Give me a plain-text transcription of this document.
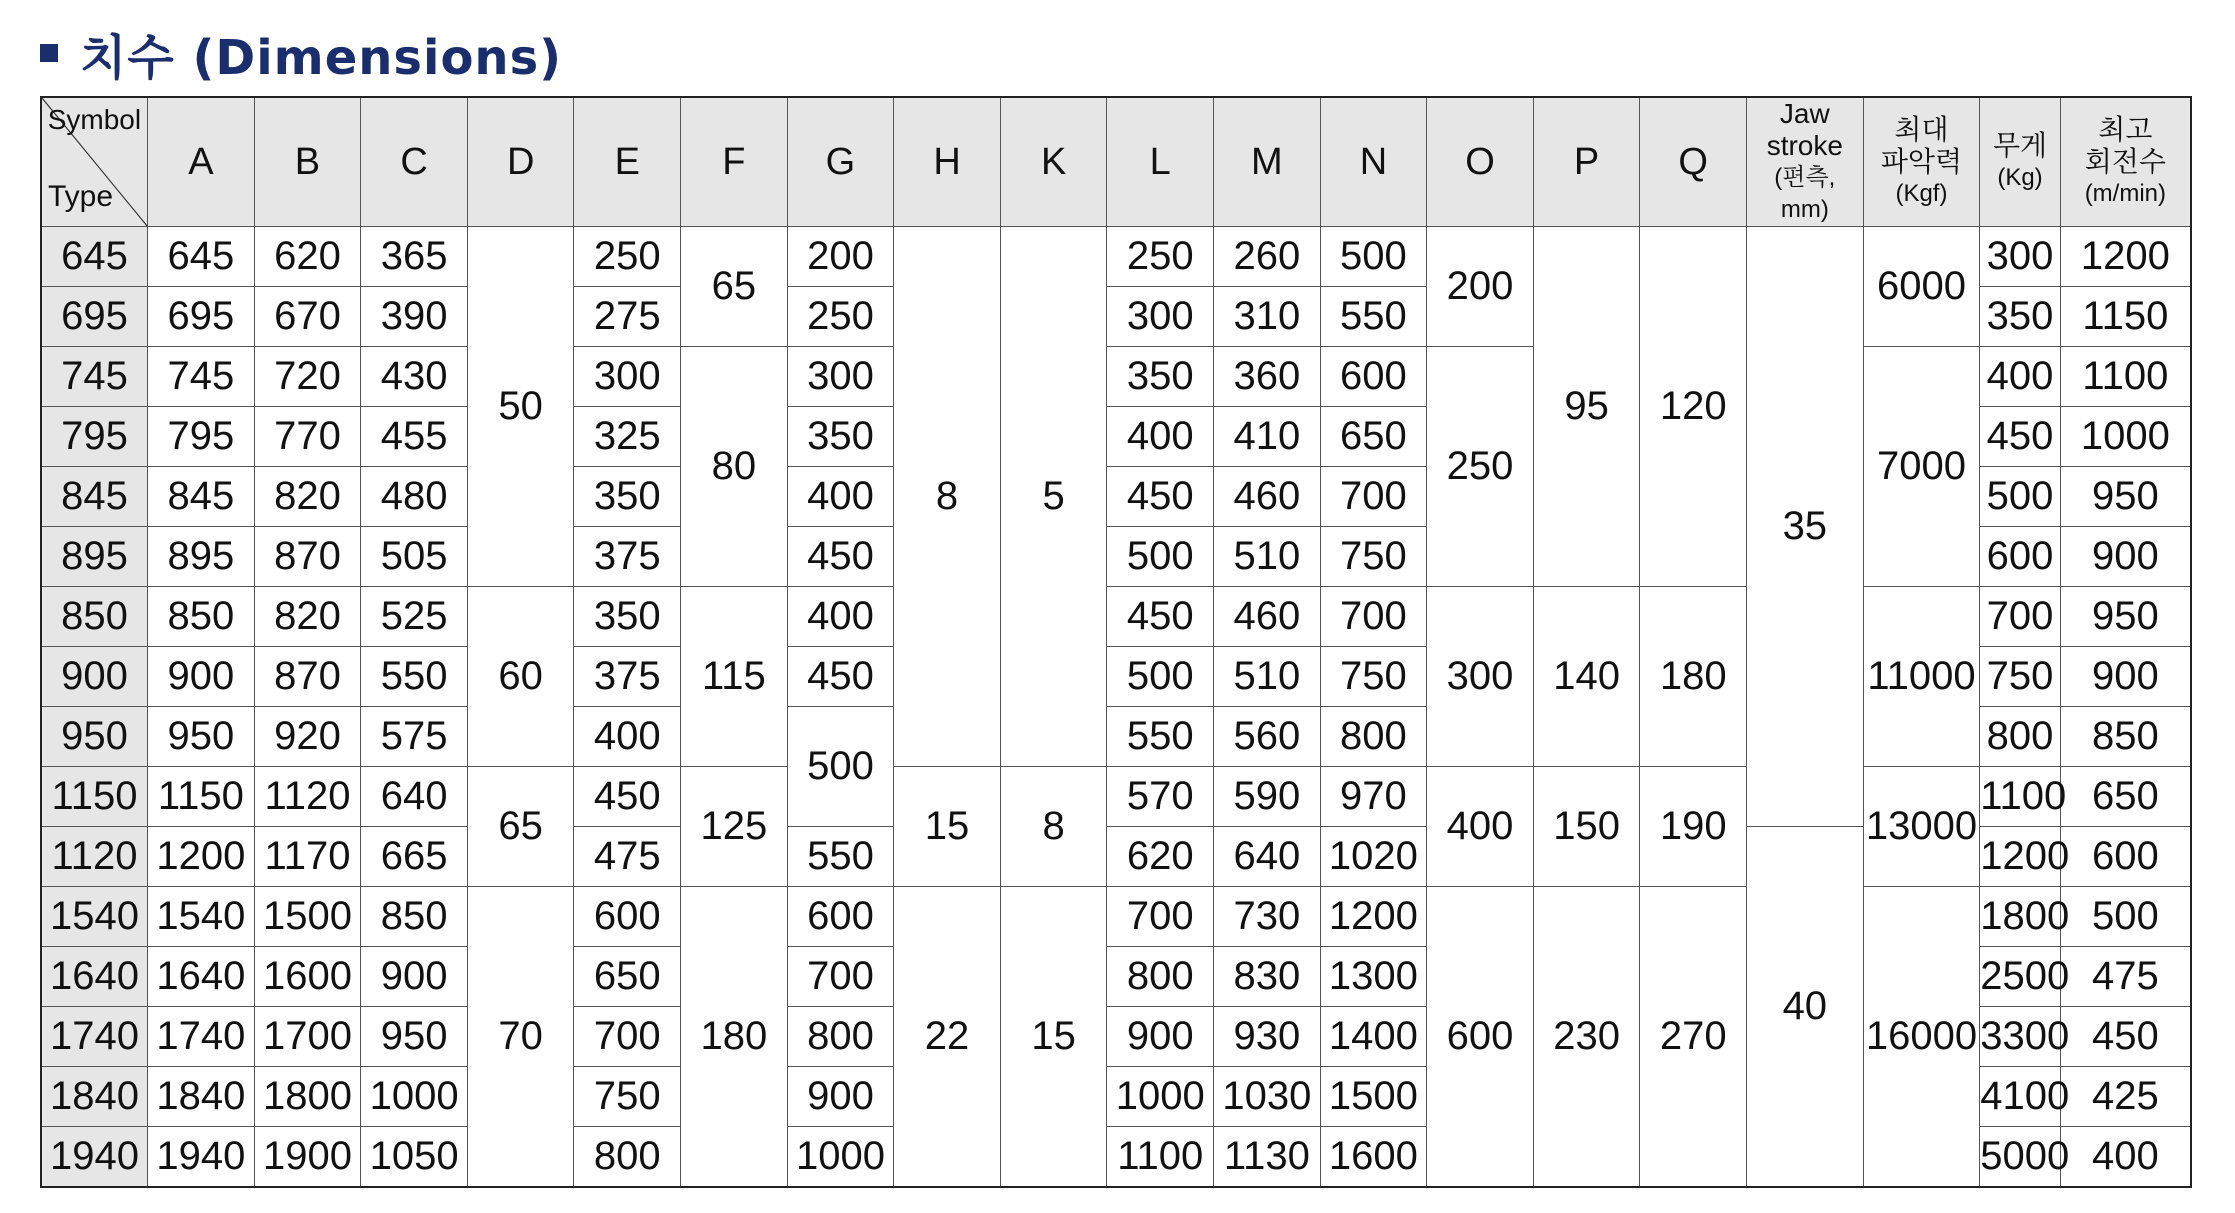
치수 (Dimensions)
Symbol
Type	A	B	C	D	E	F	G	H	K	L	M	N	O	P	Q	Jaw
stroke
(편측, mm)	최대
파악력
(Kgf)	무게
(Kg)	최고
회전수
(m/min)

645	645	620	365	50	250	65	200	8	5	250	260	500	200	95	120	35	6000	300	1200
695	695	670	390		275		250			300	310	550						350	1150
745	745	720	430		300	80	300			350	360	600	250				7000	400	1100
795	795	770	455		325		350			400	410	650						450	1000
845	845	820	480		350		400			450	460	700						500	950
895	895	870	505		375		450			500	510	750						600	900
850	850	820	525	60	350	115	400			450	460	700	300	140	180		11000	700	950
900	900	870	550		375		450			500	510	750						750	900
950	950	920	575		400		500			550	560	800						800	850
1150	1150	1120	640	65	450	125		15	8	570	590	970	400	150	190		13000	1100	650
1120	1200	1170	665		475		550			620	640	1020				40		1200	600
1540	1540	1500	850	70	600	180	600	22	15	700	730	1200	600	230	270		16000	1800	500
1640	1640	1600	900		650		700			800	830	1300						2500	475
1740	1740	1700	950		700		800			900	930	1400						3300	450
1840	1840	1800	1000		750		900			1000	1030	1500						4100	425
1940	1940	1900	1050		800		1000			1100	1130	1600						5000	400
